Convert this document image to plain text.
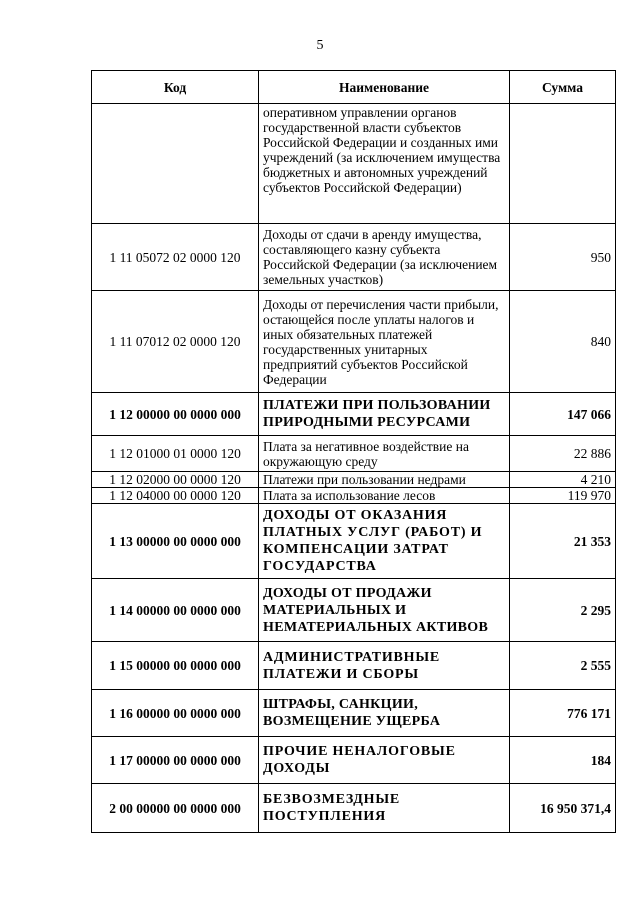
5
Код	Наименование	Сумма
	оперативном управлении органов государственной власти субъектов Российской Федерации и созданных ими учреждений (за исключением имущества бюджетных и автономных учреждений субъектов Российской Федерации)	
1 11 05072 02 0000 120	Доходы от сдачи в аренду имущества, составляющего казну субъекта Российской Федерации (за исключением земельных участков)	950
1 11 07012 02 0000 120	Доходы от перечисления части прибыли, остающейся после уплаты налогов и иных обязательных платежей государственных унитарных предприятий субъектов Российской Федерации	840
1 12 00000 00 0000 000	ПЛАТЕЖИ ПРИ ПОЛЬЗОВАНИИ ПРИРОДНЫМИ РЕСУРСАМИ	147 066
1 12 01000 01 0000 120	Плата за негативное воздействие на окружающую среду	22 886
1 12 02000 00 0000 120	Платежи при пользовании недрами	4 210
1 12 04000 00 0000 120	Плата за использование лесов	119 970
1 13 00000 00 0000 000	ДОХОДЫ ОТ ОКАЗАНИЯ ПЛАТНЫХ УСЛУГ (РАБОТ) И КОМПЕНСАЦИИ ЗАТРАТ ГОСУДАРСТВА	21 353
1 14 00000 00 0000 000	ДОХОДЫ ОТ ПРОДАЖИ МАТЕРИАЛЬНЫХ И НЕМАТЕРИАЛЬНЫХ АКТИВОВ	2 295
1 15 00000 00 0000 000	АДМИНИСТРАТИВНЫЕ ПЛАТЕЖИ И СБОРЫ	2 555
1 16 00000 00 0000 000	ШТРАФЫ, САНКЦИИ, ВОЗМЕЩЕНИЕ УЩЕРБА	776 171
1 17 00000 00 0000 000	ПРОЧИЕ НЕНАЛОГОВЫЕ ДОХОДЫ	184
2 00 00000 00 0000 000	БЕЗВОЗМЕЗДНЫЕ ПОСТУПЛЕНИЯ	16 950 371,4
